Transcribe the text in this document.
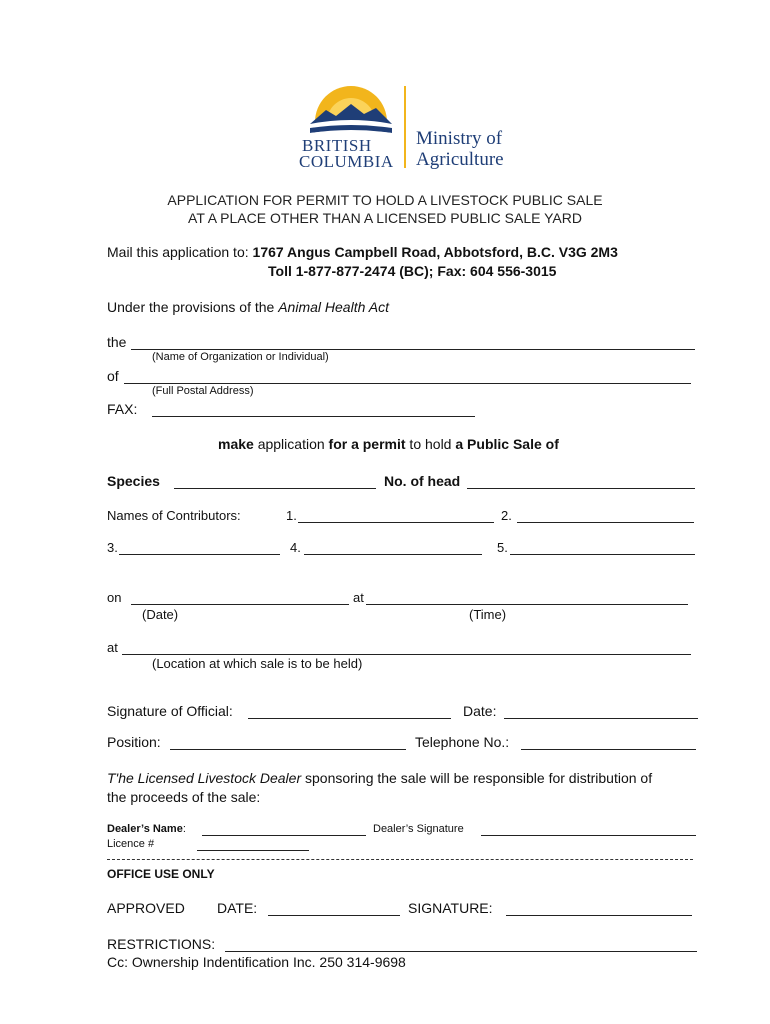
BRITISH
COLUMBIA
Ministry of
Agriculture
APPLICATION FOR PERMIT TO HOLD A LIVESTOCK PUBLIC SALE
AT A PLACE OTHER THAN A LICENSED PUBLIC SALE YARD
Mail this application to: 1767 Angus Campbell Road, Abbotsford, B.C. V3G 2M3
Toll 1-877-877-2474 (BC); Fax: 604 556-3015
Under the provisions of the Animal Health Act
the
(Name of Organization or Individual)
of
(Full Postal Address)
FAX:
make application for a permit to hold a Public Sale of
Species	No. of head
Names of Contributors:	1.	2.
3.	4.	5.
on	at
(Date)	(Time)
at
(Location at which sale is to be held)
Signature of Official:	Date:
Position:	Telephone No.:
T'he Licensed Livestock Dealer sponsoring the sale will be responsible for distribution of
the proceeds of the sale:
Dealer’s Name:	Dealer’s Signature
Licence #
OFFICE USE ONLY
APPROVED DATE:	SIGNATURE:
RESTRICTIONS:
Cc: Ownership Indentification Inc. 250 314-9698
